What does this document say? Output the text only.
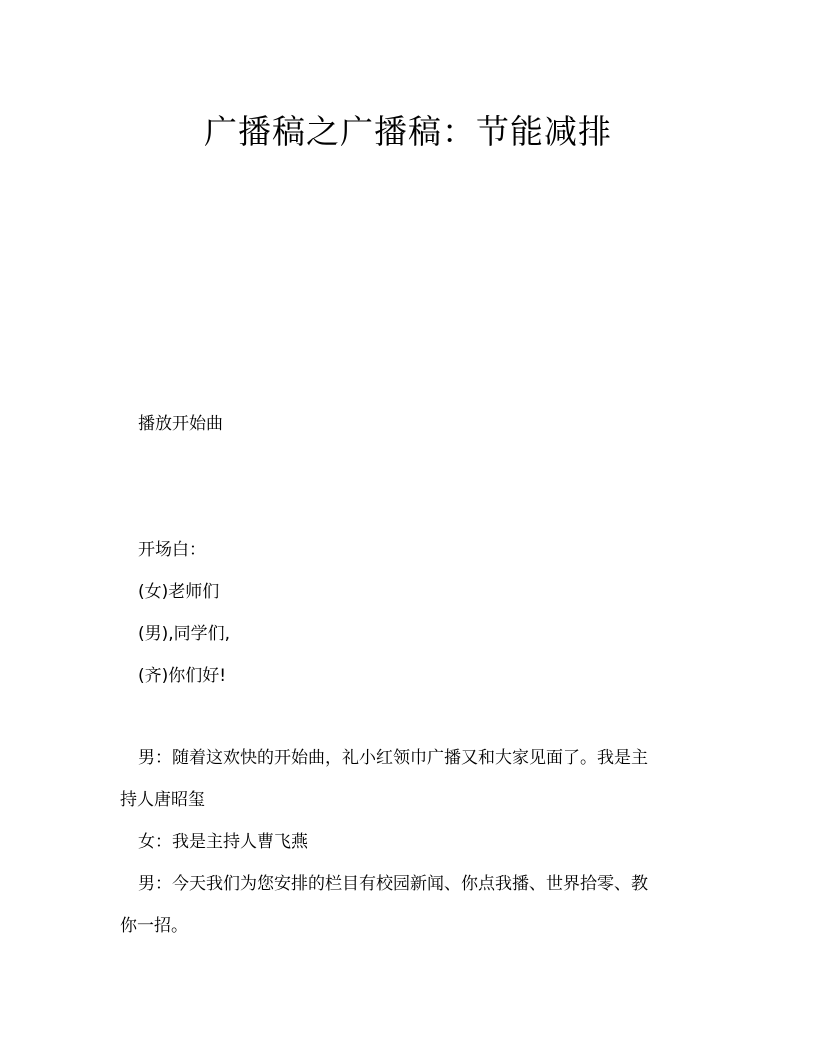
广播稿之广播稿：节能减排
播放开始曲
开场白：
(女)老师们
(男),同学们,
(齐)你们好!
男：随着这欢快的开始曲，礼小红领巾广播又和大家见面了。我是主
持人唐昭玺
女：我是主持人曹飞燕
男：今天我们为您安排的栏目有校园新闻、你点我播、世界拾零、教
你一招。
